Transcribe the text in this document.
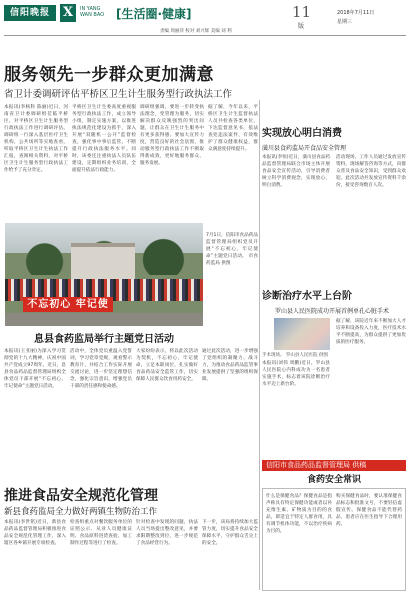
信阳晚报 X	IN YANG
WAN BAO [生活圈·健康]	11
版
2018年7月11日
星期三
责编 周丽萍 校对 刘兴辉 美编 刘 利
服务领先一步群众更加满意
省卫计委调研评估平桥区卫生计生服务型行政执法工作
本报讯(李杨科 陈丽)近日，河南省卫计委调研组莅临平桥区，对平桥区卫生计生服务型行政执法工作进行调研评估。调研组一行深入基层医疗卫生机构、公共场所等实地查看，听取平桥区卫生计生执法工作汇报，查阅相关资料，对平桥区卫生计生服务型行政执法工作给予了充分肯定。
平桥区卫生计生委高度重视服务型行政执法工作，成立领导小组，制定实施方案，以推进执法规范化建设为抓手，深入开展“双随机一公开”监督检查，强化事中事后监管，不断提升行政执法服务水平。同时，该委还注重执法人员队伍建设，定期组织业务培训，全面提升依法行政能力。
调研组强调，要进一步转变执法理念，变管理为服务，切实解决群众反映强烈的突出问题，让群众在卫生计生服务中有更多获得感。要加大宣传力度，营造良好的社会氛围，推动服务型行政执法工作不断取得新成效，更好地服务群众、服务发展。
据了解，今年以来，平桥区卫生计生监督执法人员共检查各类单位，下达监督意见书，依法查处违法案件，有效维护了群众健康权益，群众满意度持续提升。
实现放心明白消费
潢川县食药监局开食品安全管理
本报讯(李恒)近日，潢川县食品药品监督管理局联合市场主体开展食品安全宣传活动，引导消费者树立科学消费观念，实现放心、明白消费。
活动现场，工作人员通过发放宣传资料、现场解答咨询等方式，向群众普及食品安全知识，受到群众欢迎。此次活动共发放宣传资料千余份，接受咨询数百人次。
诊断治疗水平上台阶
罗山县人民医院成功开展首例单孔心脏手术
本报讯(刘伟 周鹏)近日，罗山县人民医院心内科成功为一名患者实施手术，标志着该院诊断治疗水平迈上新台阶。
据了解，该院近年来不断加大人才培养和设备投入力度，医疗技术水平不断提高，为群众提供了更加优质的医疗服务。
手术现场。 罗山县人民医院 供图
不忘初心 牢记使
7月1日，信阳市食品药品监督管理局组织党员开展“不忘初心，牢记使命”主题党日活动。 市食药监局 供图
息县食药监局举行主题党日活动
本报讯(王亚丽)为深入学习贯彻党的十九大精神，庆祝中国共产党成立97周年，近日，息县食品药品监督管理局组织全体党员干部开展“不忘初心、牢记使命”主题党日活动。
活动中，全体党员重温入党誓词，学习党章党规，观看警示教育片，并结合工作实际开展交流讨论，进一步坚定理想信念，强化宗旨意识，增强党员干部的责任感和使命感。
大家纷纷表示，将以此次活动为契机，不忘初心、牢记使命，立足本职岗位，扎实做好食品药品安全监管工作，切实保障人民群众饮食用药安全。
通过此次活动，进一步增强了党组织的凝聚力、战斗力，为推动食品药品监管事业发展提供了坚强的组织保障。
推进食品安全规范化管理
新县食药监局全力做好两镇生物防治工作
本报讯(李世铭)近日，新县食品药品监督管理局积极推进食品安全规范化管理工作，深入辖区各乡镇开展专项检查。
检查组重点对餐饮服务单位的证照公示、从业人员健康证明、食品原料进货查验、加工制作过程等进行了检查。
针对检查中发现的问题，执法人员当场提出整改意见，并要求限期整改到位，进一步规范了食品经营行为。
下一步，该局将持续加大监管力度，切实提升食品安全保障水平，守护群众舌尖上的安全。
信阳市食品药品监督管理局 供稿
食药安全常识
什么是保健食品？保健食品是指声称具有特定保健功能或者以补充维生素、矿物质为目的的食品，即适宜于特定人群食用，具有调节机体功能，不以治疗疾病为目的。
购买保健食品时，要认准保健食品标志和批准文号，不要轻信虚假宣传。保健食品不能代替药品，患者应在医生指导下合理用药。
